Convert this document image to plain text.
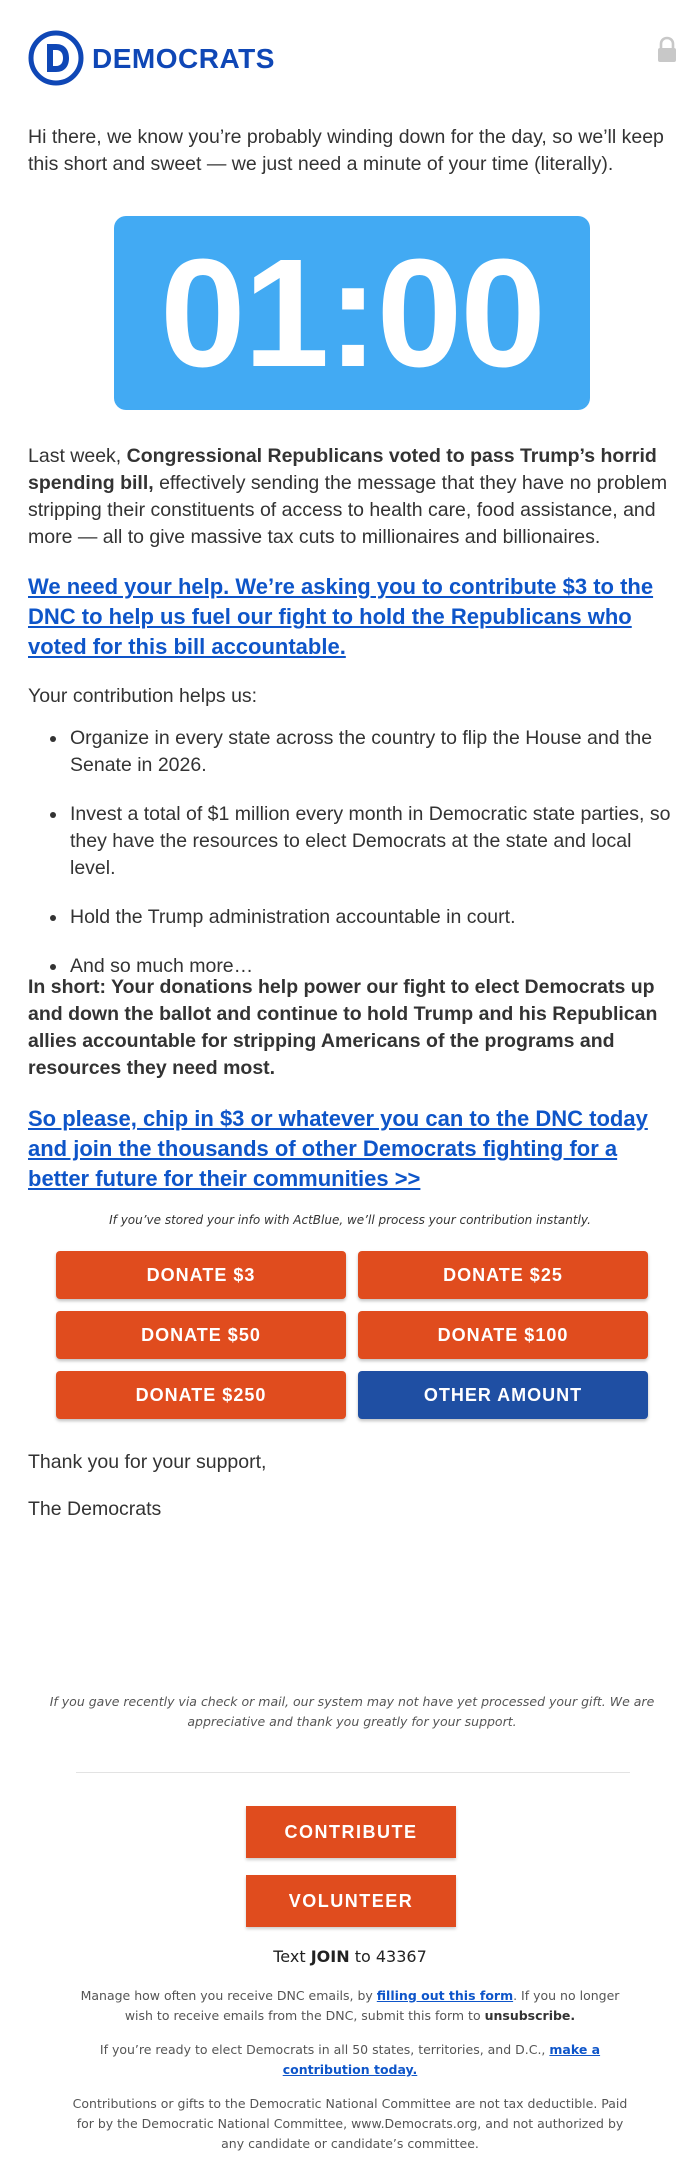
DEMOCRATS

Hi there, we know you’re probably winding down for the day, so we’ll keep this short and sweet — we just need a minute of your time (literally).

01:00

Last week, Congressional Republicans voted to pass Trump’s horrid spending bill, effectively sending the message that they have no problem stripping their constituents of access to health care, food assistance, and more — all to give massive tax cuts to millionaires and billionaires.

We need your help. We’re asking you to contribute $3 to the DNC to help us fuel our fight to hold the Republicans who voted for this bill accountable.

Your contribution helps us:

• Organize in every state across the country to flip the House and the Senate in 2026.
• Invest a total of $1 million every month in Democratic state parties, so they have the resources to elect Democrats at the state and local level.
• Hold the Trump administration accountable in court.
• And so much more…

In short: Your donations help power our fight to elect Democrats up and down the ballot and continue to hold Trump and his Republican allies accountable for stripping Americans of the programs and resources they need most.

So please, chip in $3 or whatever you can to the DNC today and join the thousands of other Democrats fighting for a better future for their communities >>
If you’ve stored your info with ActBlue, we’ll process your contribution instantly.
DONATE $3	DONATE $25
DONATE $50	DONATE $100
DONATE $250	OTHER AMOUNT

Thank you for your support,

The Democrats

If you gave recently via check or mail, our system may not have yet processed your gift. We are appreciative and thank you greatly for your support.
CONTRIBUTE
VOLUNTEER
Text JOIN to 43367
Manage how often you receive DNC emails, by filling out this form. If you no longer wish to receive emails from the DNC, submit this form to unsubscribe.
If you’re ready to elect Democrats in all 50 states, territories, and D.C., make a contribution today.
Contributions or gifts to the Democratic National Committee are not tax deductible. Paid for by the Democratic National Committee, www.Democrats.org, and not authorized by any candidate or candidate’s committee.
